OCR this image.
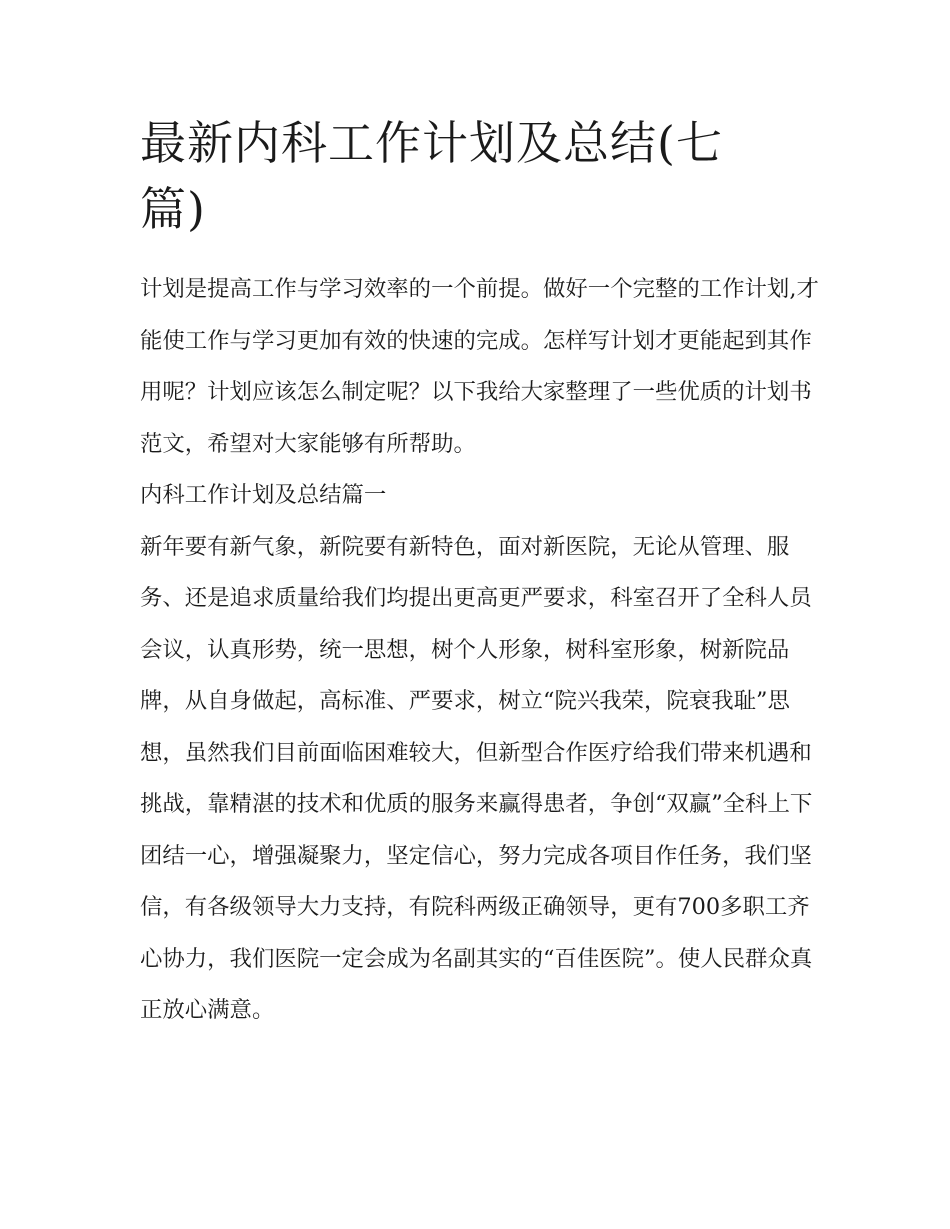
最新内科工作计划及总结(七篇)

计划是提高工作与学习效率的一个前提。做好一个完整的工作计划,才能使工作与学习更加有效的快速的完成。怎样写计划才更能起到其作用呢？计划应该怎么制定呢？以下我给大家整理了一些优质的计划书范文，希望对大家能够有所帮助。

内科工作计划及总结篇一

新年要有新气象，新院要有新特色，面对新医院，无论从管理、服务、还是追求质量给我们均提出更高更严要求，科室召开了全科人员会议，认真形势，统一思想，树个人形象，树科室形象，树新院品牌，从自身做起，高标准、严要求，树立“院兴我荣，院衰我耻”思想，虽然我们目前面临困难较大，但新型合作医疗给我们带来机遇和挑战，靠精湛的技术和优质的服务来赢得患者，争创“双赢”全科上下团结一心，增强凝聚力，坚定信心，努力完成各项目作任务，我们坚信，有各级领导大力支持，有院科两级正确领导，更有700多职工齐心协力，我们医院一定会成为名副其实的“百佳医院”。使人民群众真正放心满意。
